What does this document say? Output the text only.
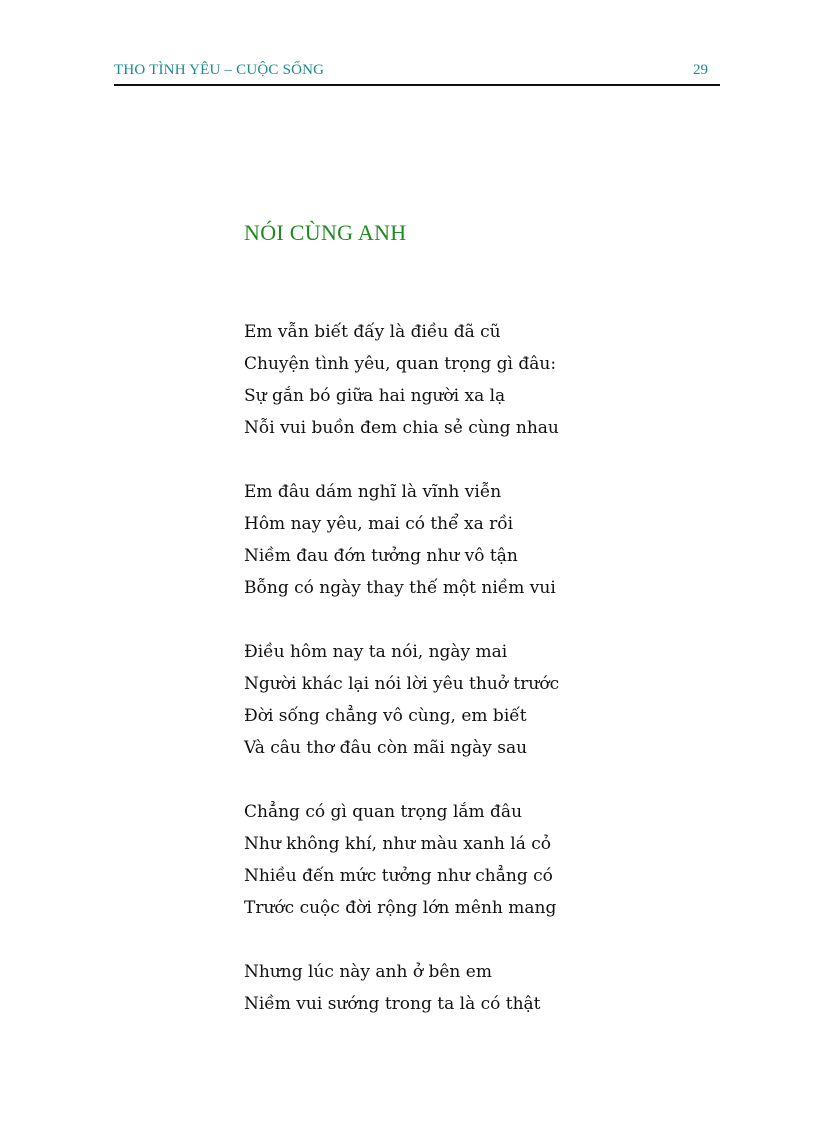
THO TÌNH YÊU – CUỘC SỐNG	29
NÓI CÙNG ANH
Em vẫn biết đấy là điều đã cũ
Chuyện tình yêu, quan trọng gì đâu:
Sự gắn bó giữa hai người xa lạ
Nỗi vui buồn đem chia sẻ cùng nhau
Em đâu dám nghĩ là vĩnh viễn
Hôm nay yêu, mai có thể xa rồi
Niềm đau đớn tưởng như vô tận
Bỗng có ngày thay thế một niềm vui
Điều hôm nay ta nói, ngày mai
Người khác lại nói lời yêu thuở trước
Đời sống chẳng vô cùng, em biết
Và câu thơ đâu còn mãi ngày sau
Chẳng có gì quan trọng lắm đâu
Như không khí, như màu xanh lá cỏ
Nhiều đến mức tưởng như chẳng có
Trước cuộc đời rộng lớn mênh mang
Nhưng lúc này anh ở bên em
Niềm vui sướng trong ta là có thật
